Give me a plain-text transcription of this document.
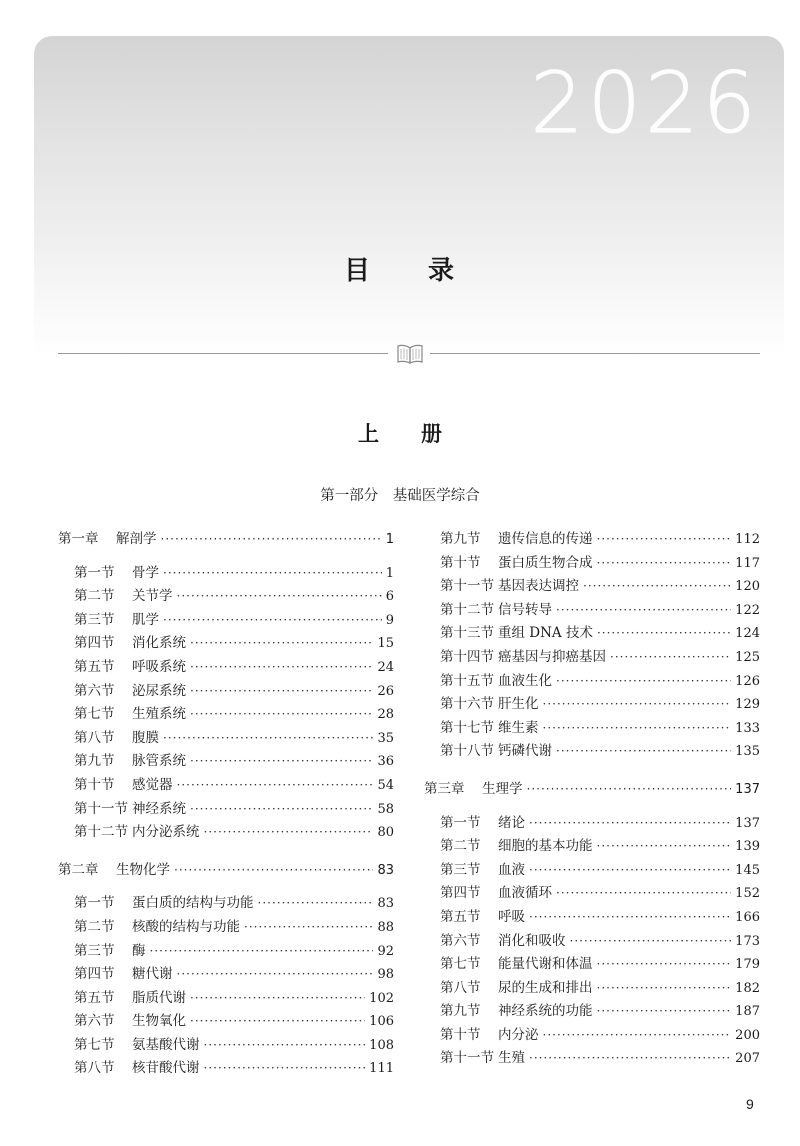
2026
目　　录
上　　册
第一部分　基础医学综合
第一章	解剖学 ·····	1
第一节	骨学 ·····	1
第二节	关节学 ·····	6
第三节	肌学 ·····	9
第四节	消化系统 ·····	15
第五节	呼吸系统 ·····	24
第六节	泌尿系统 ·····	26
第七节	生殖系统 ·····	28
第八节	腹膜 ·····	35
第九节	脉管系统 ·····	36
第十节	感觉器 ·····	54
第十一节 神经系统 ·····	58
第十二节 内分泌系统 ·····	80
第二章	生物化学 ·····	83
第一节	蛋白质的结构与功能 ·····	83
第二节	核酸的结构与功能 ·····	88
第三节	酶 ·····	92
第四节	糖代谢 ·····	98
第五节	脂质代谢 ·····	102
第六节	生物氧化 ·····	106
第七节	氨基酸代谢 ·····	108
第八节	核苷酸代谢 ·····	111
第九节	遗传信息的传递 ·····	112
第十节	蛋白质生物合成 ·····	117
第十一节 基因表达调控 ·····	120
第十二节 信号转导 ·····	122
第十三节 重组 DNA 技术 ·····	124
第十四节 癌基因与抑癌基因 ·····	125
第十五节 血液生化 ·····	126
第十六节 肝生化 ·····	129
第十七节 维生素 ·····	133
第十八节 钙磷代谢 ·····	135
第三章	生理学 ·····	137
第一节	绪论 ·····	137
第二节	细胞的基本功能 ·····	139
第三节	血液 ·····	145
第四节	血液循环 ·····	152
第五节	呼吸 ·····	166
第六节	消化和吸收 ·····	173
第七节	能量代谢和体温 ·····	179
第八节	尿的生成和排出 ·····	182
第九节	神经系统的功能 ·····	187
第十节	内分泌 ·····	200
第十一节 生殖 ·····	207
9
